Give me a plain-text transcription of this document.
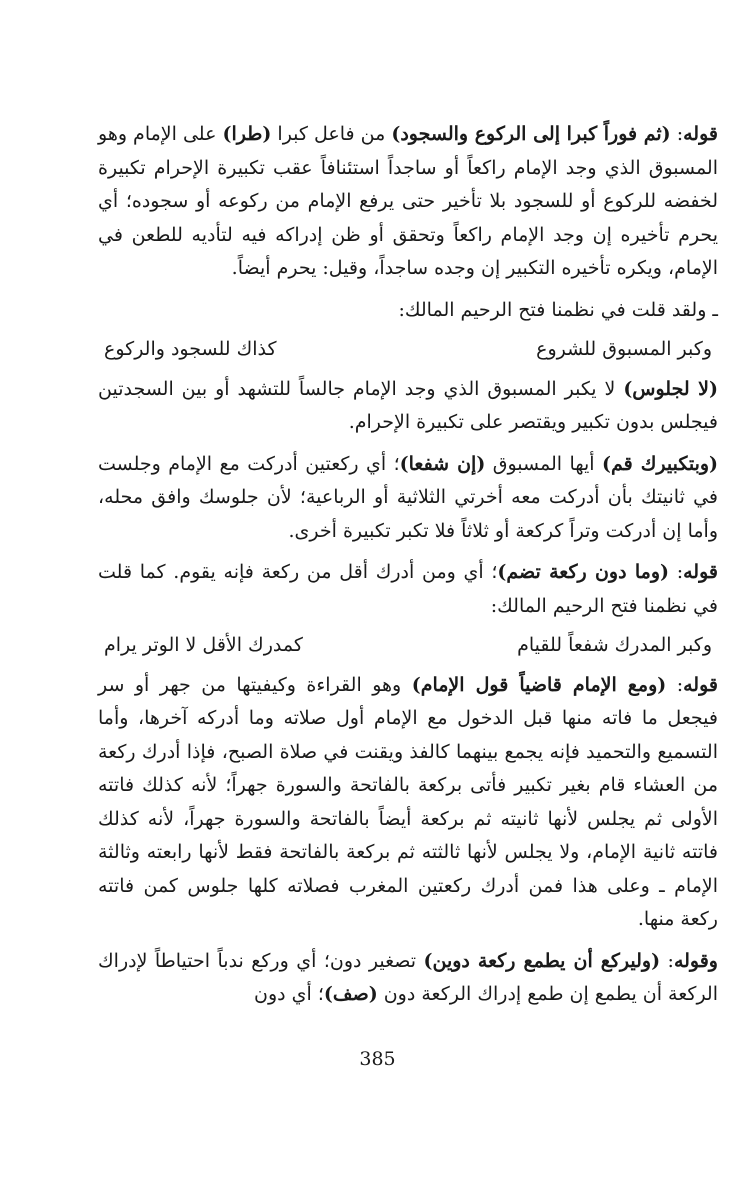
قوله: (ثم فوراً كبرا إلى الركوع والسجود) من فاعل كبرا (طرا) على الإمام وهو المسبوق الذي وجد الإمام راكعاً أو ساجداً استئنافاً عقب تكبيرة الإحرام تكبيرة لخفضه للركوع أو للسجود بلا تأخير حتى يرفع الإمام من ركوعه أو سجوده؛ أي يحرم تأخيره إن وجد الإمام راكعاً وتحقق أو ظن إدراكه فيه لتأديه للطعن في الإمام، ويكره تأخيره التكبير إن وجده ساجداً، وقيل: يحرم أيضاً.

ـ ولقد قلت في نظمنا فتح الرحيم المالك:

وكبر المسبوق للشروع
كذاك للسجود والركوع

(لا لجلوس) لا يكبر المسبوق الذي وجد الإمام جالساً للتشهد أو بين السجدتين فيجلس بدون تكبير ويقتصر على تكبيرة الإحرام.

(وبتكبيرك قم) أيها المسبوق (إن شفعا)؛ أي ركعتين أدركت مع الإمام وجلست في ثانيتك بأن أدركت معه أخرتي الثلاثية أو الرباعية؛ لأن جلوسك وافق محله، وأما إن أدركت وتراً كركعة أو ثلاثاً فلا تكبر تكبيرة أخرى.

قوله: (وما دون ركعة تضم)؛ أي ومن أدرك أقل من ركعة فإنه يقوم. كما قلت في نظمنا فتح الرحيم المالك:

وكبر المدرك شفعاً للقيام
كمدرك الأقل لا الوتر يرام

قوله: (ومع الإمام قاضياً قول الإمام) وهو القراءة وكيفيتها من جهر أو سر فيجعل ما فاته منها قبل الدخول مع الإمام أول صلاته وما أدركه آخرها، وأما التسميع والتحميد فإنه يجمع بينهما كالفذ ويقنت في صلاة الصبح، فإذا أدرك ركعة من العشاء قام بغير تكبير فأتى بركعة بالفاتحة والسورة جهراً؛ لأنه كذلك فاتته الأولى ثم يجلس لأنها ثانيته ثم بركعة أيضاً بالفاتحة والسورة جهراً، لأنه كذلك فاتته ثانية الإمام، ولا يجلس لأنها ثالثته ثم بركعة بالفاتحة فقط لأنها رابعته وثالثة الإمام ـ وعلى هذا فمن أدرك ركعتين المغرب فصلاته كلها جلوس كمن فاتته ركعة منها.

وقوله: (وليركع أن يطمع ركعة دوين) تصغير دون؛ أي وركع ندباً احتياطاً لإدراك الركعة أن يطمع إن طمع إدراك الركعة دون (صف)؛ أي دون

385
